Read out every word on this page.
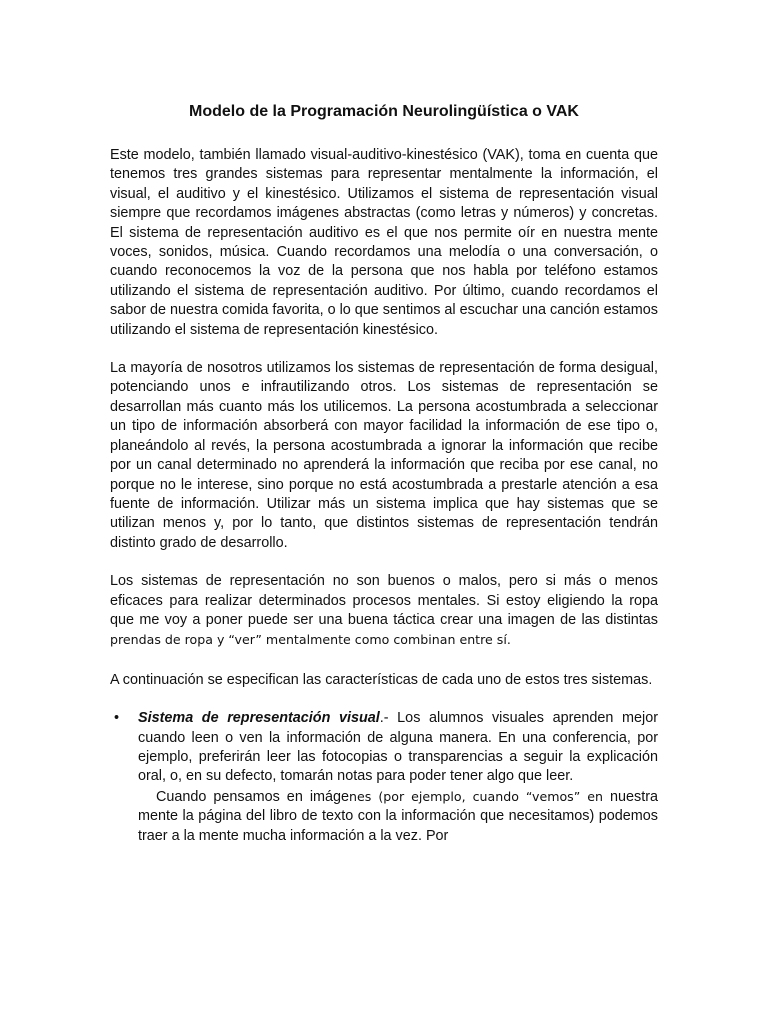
Modelo de la Programación Neurolingüística o VAK

Este modelo, también llamado visual-auditivo-kinestésico (VAK), toma en cuenta que tenemos tres grandes sistemas para representar mentalmente la información, el visual, el auditivo y el kinestésico. Utilizamos el sistema de representación visual siempre que recordamos imágenes abstractas (como letras y números) y concretas. El sistema de representación auditivo es el que nos permite oír en nuestra mente voces, sonidos, música. Cuando recordamos una melodía o una conversación, o cuando reconocemos la voz de la persona que nos habla por teléfono estamos utilizando el sistema de representación auditivo. Por último, cuando recordamos el sabor de nuestra comida favorita, o lo que sentimos al escuchar una canción estamos utilizando el sistema de representación kinestésico.

La mayoría de nosotros utilizamos los sistemas de representación de forma desigual, potenciando unos e infrautilizando otros. Los sistemas de representación se desarrollan más cuanto más los utilicemos. La persona acostumbrada a seleccionar un tipo de información absorberá con mayor facilidad la información de ese tipo o, planeándolo al revés, la persona acostumbrada a ignorar la información que recibe por un canal determinado no aprenderá la información que reciba por ese canal, no porque no le interese, sino porque no está acostumbrada a prestarle atención a esa fuente de información. Utilizar más un sistema implica que hay sistemas que se utilizan menos y, por lo tanto, que distintos sistemas de representación tendrán distinto grado de desarrollo.

Los sistemas de representación no son buenos o malos, pero si más o menos eficaces para realizar determinados procesos mentales. Si estoy eligiendo la ropa que me voy a poner puede ser una buena táctica crear una imagen de las distintas prendas de ropa y “ver” mentalmente como combinan entre sí.

A continuación se especifican las características de cada uno de estos tres sistemas.

• Sistema de representación visual.- Los alumnos visuales aprenden mejor cuando leen o ven la información de alguna manera. En una conferencia, por ejemplo, preferirán leer las fotocopias o transparencias a seguir la explicación oral, o, en su defecto, tomarán notas para poder tener algo que leer.
Cuando pensamos en imágenes (por ejemplo, cuando “vemos” en nuestra mente la página del libro de texto con la información que necesitamos) podemos traer a la mente mucha información a la vez. Por
